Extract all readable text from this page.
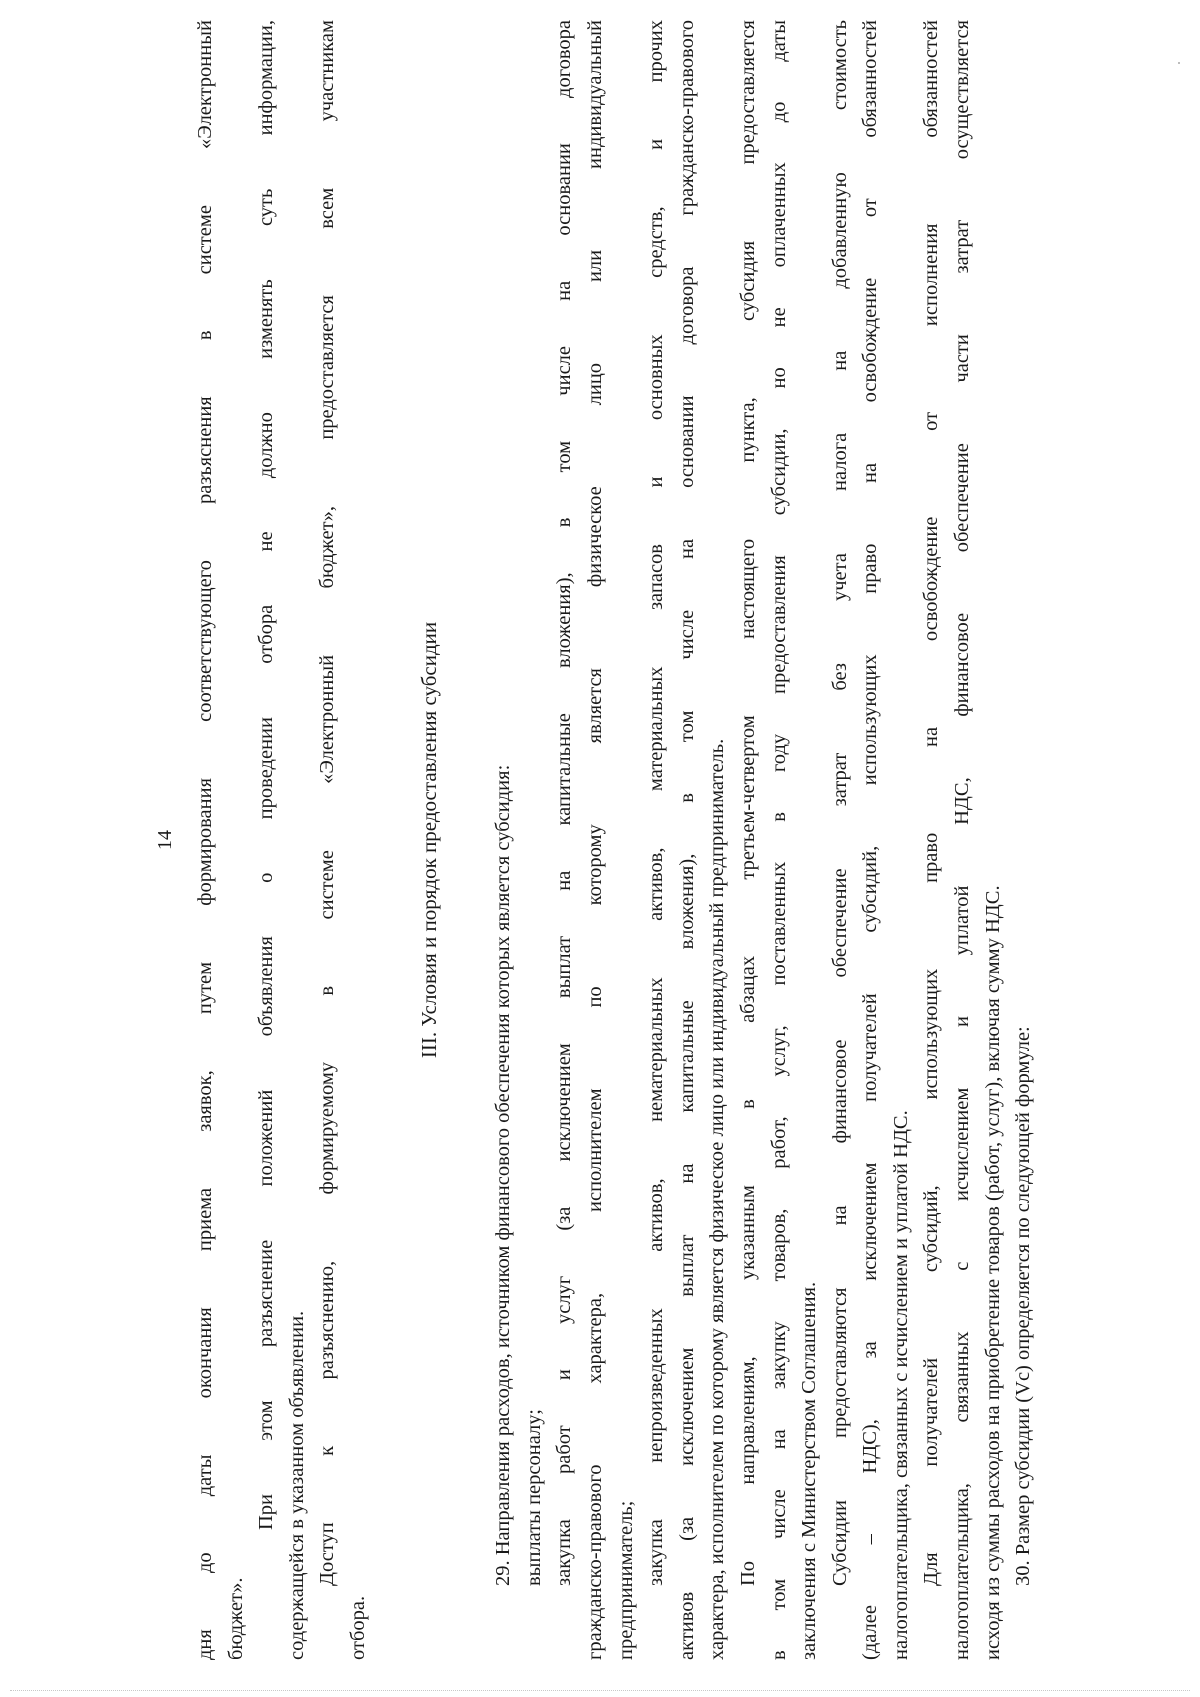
14 дня до даты окончания приема заявок, путем формирования соответствующего разъяснения в системе «Электронный бюджет».
При этом разъяснение положений объявления о проведении отбора не должно изменять суть информации, содержащейся в указанном объявлении. Доступ к разъяснению, формируемому в системе «Электронный бюджет», предоставляется всем участникам
отбора.
III. Условия и порядок предоставления субсидии	29. Направления расходов, источником финансового обеспечения которых является субсидия: выплаты персоналу; закупка работ и услуг (за исключением выплат на капитальные вложения), в том числе на основании договора гражданско-правового характера, исполнителем по которому является физическое лицо или индивидуальный предприниматель; закупка непроизведенных активов, нематериальных активов, материальных запасов и основных средств, и прочих активов (за исключением выплат на капитальные вложения), в том числе на основании договора гражданско-правового характера, исполнителем по которому является физическое лицо или индивидуальный предприниматель. По направлениям, указанным в абзацах третьем-четвертом настоящего пункта, субсидия предоставляется в том числе на закупку товаров, работ, услуг, поставленных в году предоставления субсидии, но не оплаченных до даты заключения с Министерством Соглашения. Субсидии предоставляются на финансовое обеспечение затрат без учета налога на добавленную стоимость (далее – НДС), за исключением получателей субсидий, использующих право на освобождение от обязанностей налогоплательщика, связанных с исчислением и уплатой НДС. Для получателей субсидий, использующих право на освобождение от исполнения обязанностей налогоплательщика, связанных с исчислением и уплатой НДС, финансовое обеспечение части затрат осуществляется исходя из суммы расходов на приобретение товаров (работ, услуг), включая сумму НДС. 30. Размер субсидии (Vс) определяется по следующей формуле:
